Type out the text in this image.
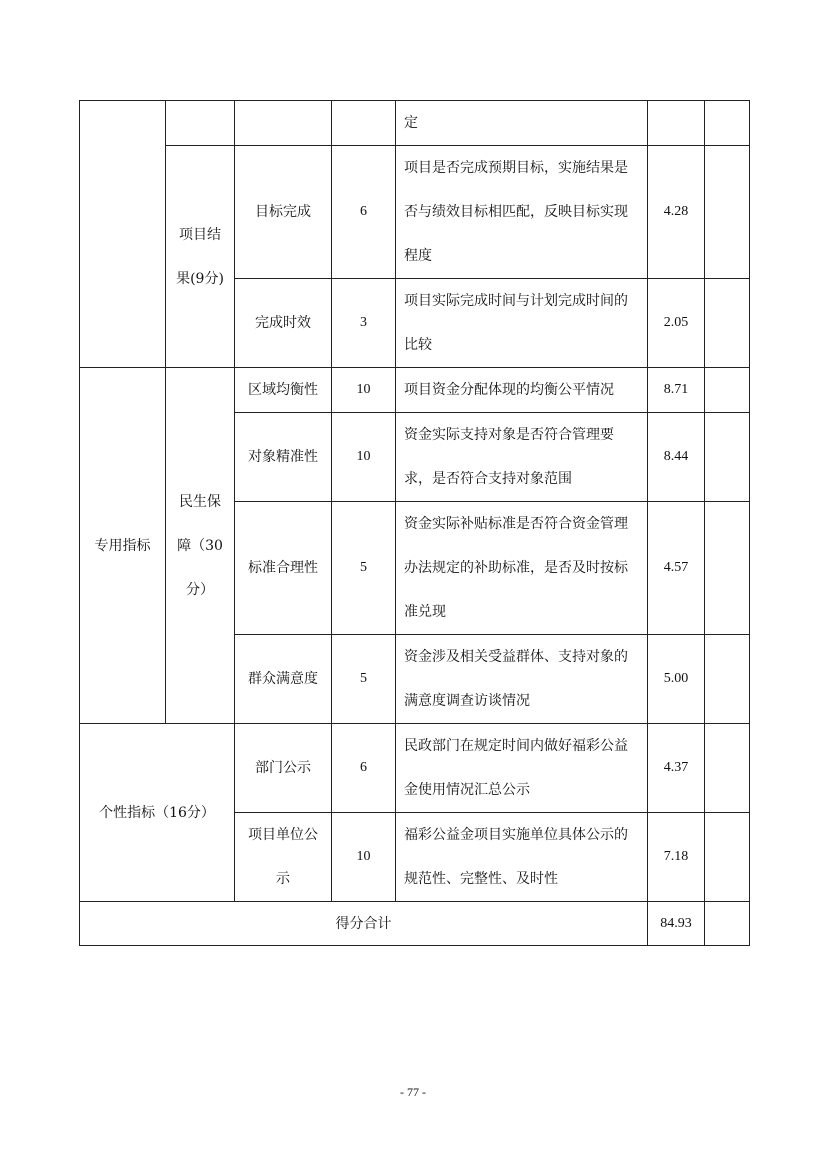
				定		
	项目结果(9分)	目标完成	6	项目是否完成预期目标，实施结果是否与绩效目标相匹配，反映目标实现程度	4.28	
		完成时效	3	项目实际完成时间与计划完成时间的比较	2.05	
专用指标	民生保障（30分）	区域均衡性	10	项目资金分配体现的均衡公平情况	8.71	
		对象精准性	10	资金实际支持对象是否符合管理要求，是否符合支持对象范围	8.44	
		标准合理性	5	资金实际补贴标准是否符合资金管理办法规定的补助标准，是否及时按标准兑现	4.57	
		群众满意度	5	资金涉及相关受益群体、支持对象的满意度调查访谈情况	5.00	
个性指标（16分）		部门公示	6	民政部门在规定时间内做好福彩公益金使用情况汇总公示	4.37	
		项目单位公示	10	福彩公益金项目实施单位具体公示的规范性、完整性、及时性	7.18	
得分合计					84.93	
- 77 -
